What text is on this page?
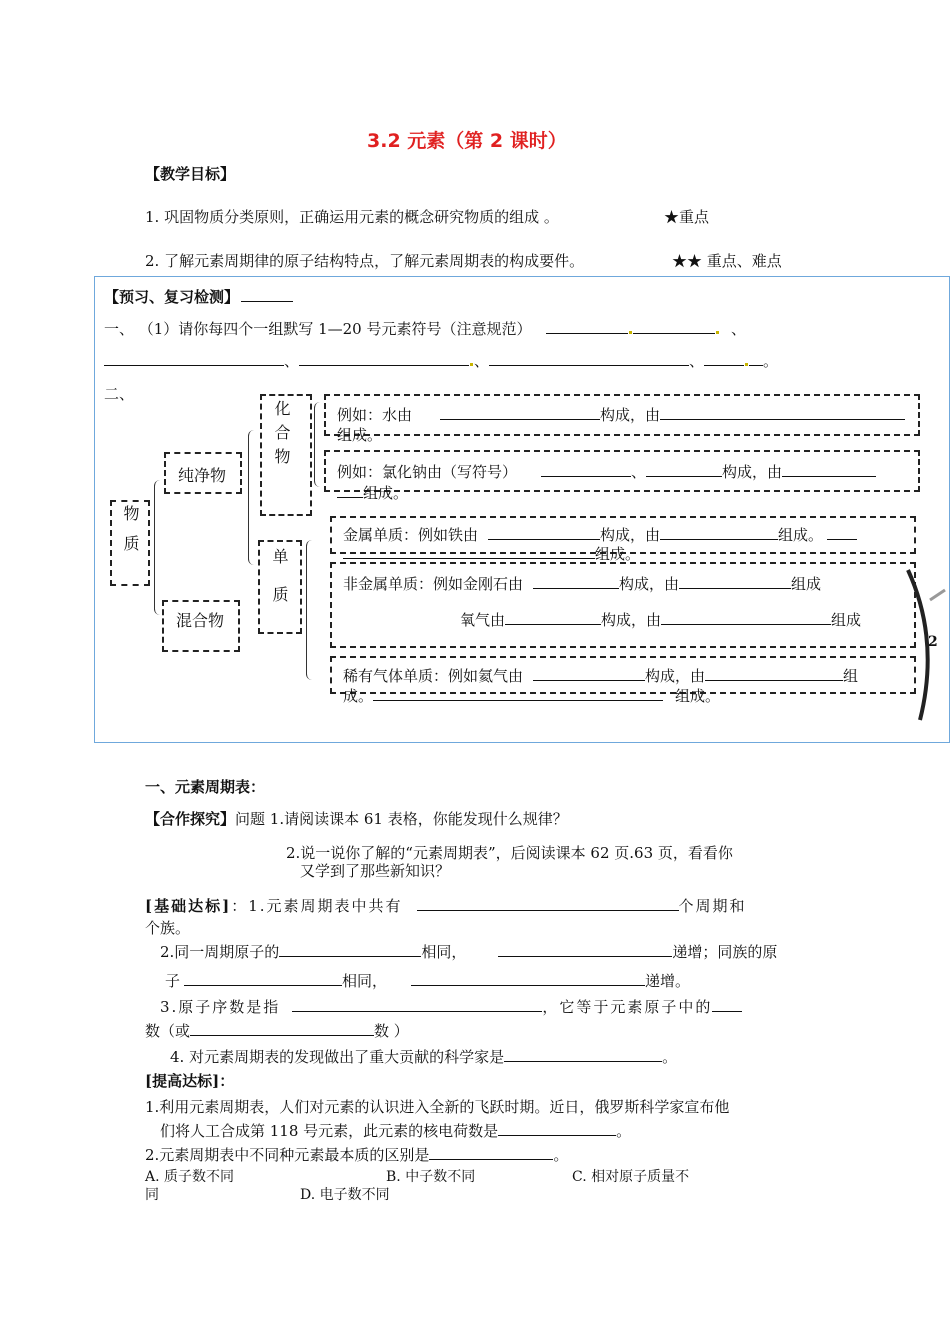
3.2 元素（第 2 课时）
【教学目标】
1. 巩固物质分类原则，正确运用元素的概念研究物质的组成 。	★重点
2. 了解元素周期律的原子结构特点，了解元素周期表的构成要件。	★★ 重点、难点
【预习、复习检测】
一、 （1）请你每四个一组默写 1—20 号元素符号（注意规范）	、
、	、	、	。
二、
物质
纯净物
混合物
化合物
单质
例如：水由	构成，由
组成。
例如：氯化钠由（写符号）	、	构成，由
组成。
金属单质：例如铁由	构成，由	组成。
组成。
非金属单质：例如金刚石由	构成，由	组成
氧气由	构成，由	组成
稀有气体单质：例如氦气由	构成，由	组
成。	组成。
2
一、元素周期表：
【合作探究】问题 1.请阅读课本 61 表格，你能发现什么规律？
2.说一说你了解的“元素周期表”，后阅读课本 62 页.63 页，看看你
又学到了那些新知识？
[基础达标]：1.元素周期表中共有	个周期和
个族。
2.同一周期原子的	相同，	递增；同族的原
子	相同，	递增。
3.原子序数是指	，它等于元素原子中的
数（或	数 ）
4. 对元素周期表的发现做出了重大贡献的科学家是	。
[提高达标]：
1.利用元素周期表，人们对元素的认识进入全新的飞跃时期。近日，俄罗斯科学家宣布他
们将人工合成第 118 号元素，此元素的核电荷数是	。
2.元素周期表中不同种元素最本质的区别是	。
A. 质子数不同	B. 中子数不同	C. 相对原子质量不
同	D. 电子数不同
